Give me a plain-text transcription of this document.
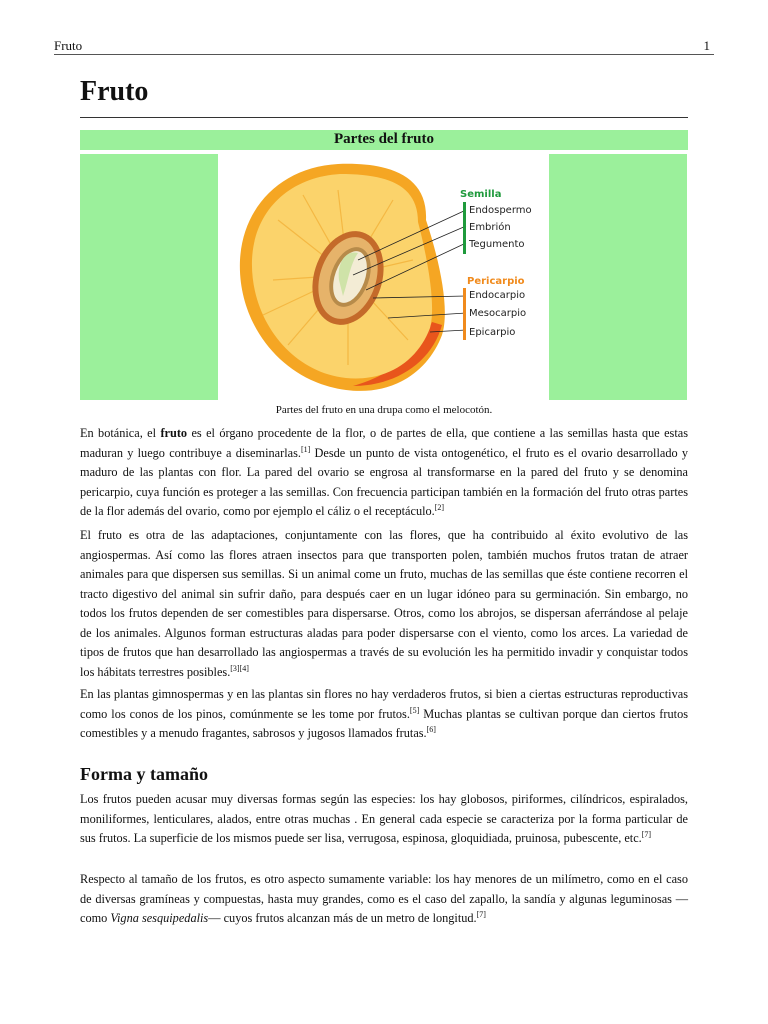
Fruto	1
Fruto
Partes del fruto
Semilla
Endospermo
Embrión
Tegumento
Pericarpio
Endocarpio
Mesocarpio
Epicarpio
Partes del fruto en una drupa como el melocotón.

En botánica, el fruto es el órgano procedente de la flor, o de partes de ella, que contiene a las semillas hasta que estas maduran y luego contribuye a diseminarlas.[1] Desde un punto de vista ontogenético, el fruto es el ovario desarrollado y maduro de las plantas con flor. La pared del ovario se engrosa al transformarse en la pared del fruto y se denomina pericarpio, cuya función es proteger a las semillas. Con frecuencia participan también en la formación del fruto otras partes de la flor además del ovario, como por ejemplo el cáliz o el receptáculo.[2]

El fruto es otra de las adaptaciones, conjuntamente con las flores, que ha contribuido al éxito evolutivo de las angiospermas. Así como las flores atraen insectos para que transporten polen, también muchos frutos tratan de atraer animales para que dispersen sus semillas. Si un animal come un fruto, muchas de las semillas que éste contiene recorren el tracto digestivo del animal sin sufrir daño, para después caer en un lugar idóneo para su germinación. Sin embargo, no todos los frutos dependen de ser comestibles para dispersarse. Otros, como los abrojos, se dispersan aferrándose al pelaje de los animales. Algunos forman estructuras aladas para poder dispersarse con el viento, como los arces. La variedad de tipos de frutos que han desarrollado las angiospermas a través de su evolución les ha permitido invadir y conquistar todos los hábitats terrestres posibles.[3][4]

En las plantas gimnospermas y en las plantas sin flores no hay verdaderos frutos, si bien a ciertas estructuras reproductivas como los conos de los pinos, comúnmente se les tome por frutos.[5] Muchas plantas se cultivan porque dan ciertos frutos comestibles y a menudo fragantes, sabrosos y jugosos llamados frutas.[6]

Forma y tamaño

Los frutos pueden acusar muy diversas formas según las especies: los hay globosos, piriformes, cilíndricos, espiralados, moniliformes, lenticulares, alados, entre otras muchas . En general cada especie se caracteriza por la forma particular de sus frutos. La superficie de los mismos puede ser lisa, verrugosa, espinosa, gloquidiada, pruinosa, pubescente, etc.[7]

Respecto al tamaño de los frutos, es otro aspecto sumamente variable: los hay menores de un milímetro, como en el caso de diversas gramíneas y compuestas, hasta muy grandes, como es el caso del zapallo, la sandía y algunas leguminosas —como Vigna sesquipedalis— cuyos frutos alcanzan más de un metro de longitud.[7]
